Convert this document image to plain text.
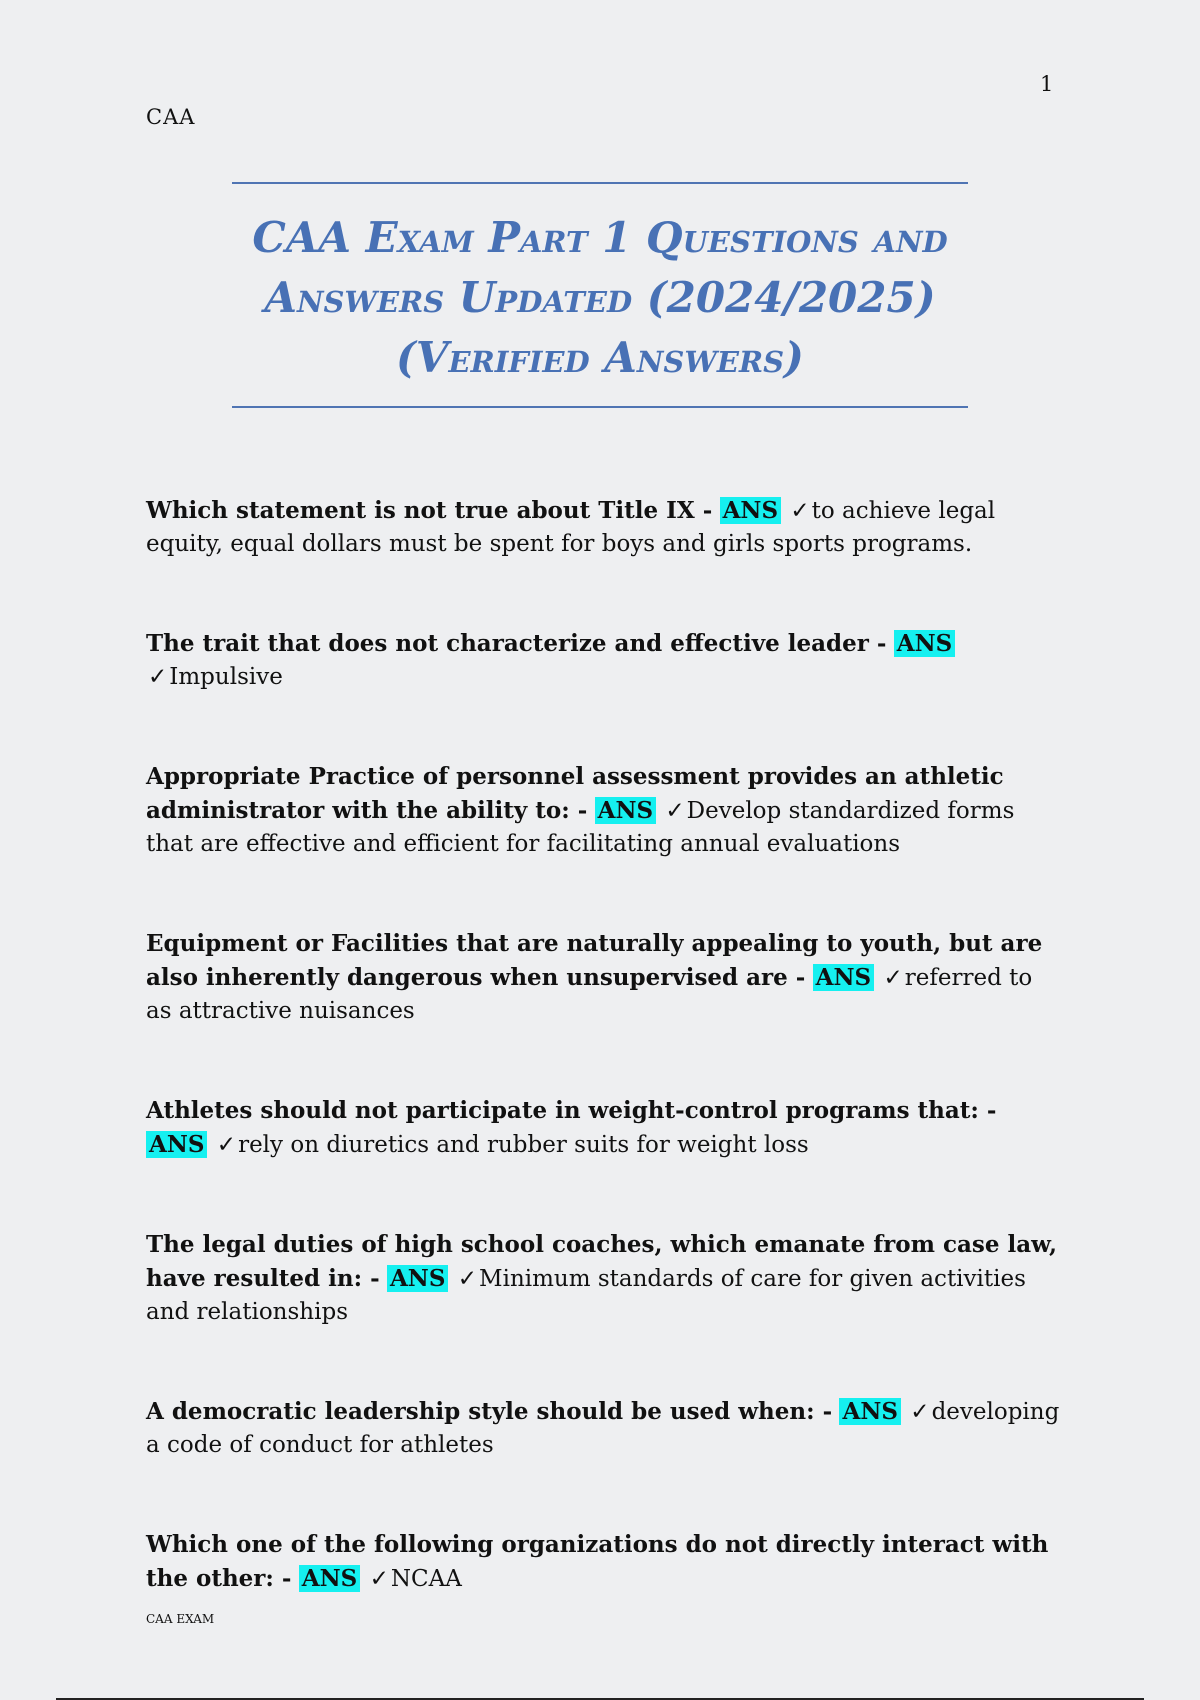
1
CAA
CAA Exam Part 1 Questions and
Answers Updated (2024/2025)
(Verified Answers)

Which statement is not true about Title IX - ANS ✓to achieve legal equity, equal dollars must be spent for boys and girls sports programs.

The trait that does not characterize and effective leader - ANS ✓Impulsive

Appropriate Practice of personnel assessment provides an athletic administrator with the ability to: - ANS ✓Develop standardized forms that are effective and efficient for facilitating annual evaluations

Equipment or Facilities that are naturally appealing to youth, but are also inherently dangerous when unsupervised are - ANS ✓referred to as attractive nuisances

Athletes should not participate in weight-control programs that: - ANS ✓rely on diuretics and rubber suits for weight loss

The legal duties of high school coaches, which emanate from case law, have resulted in: - ANS ✓Minimum standards of care for given activities and relationships

A democratic leadership style should be used when: - ANS ✓developing a code of conduct for athletes

Which one of the following organizations do not directly interact with the other: - ANS ✓NCAA

CAA EXAM
